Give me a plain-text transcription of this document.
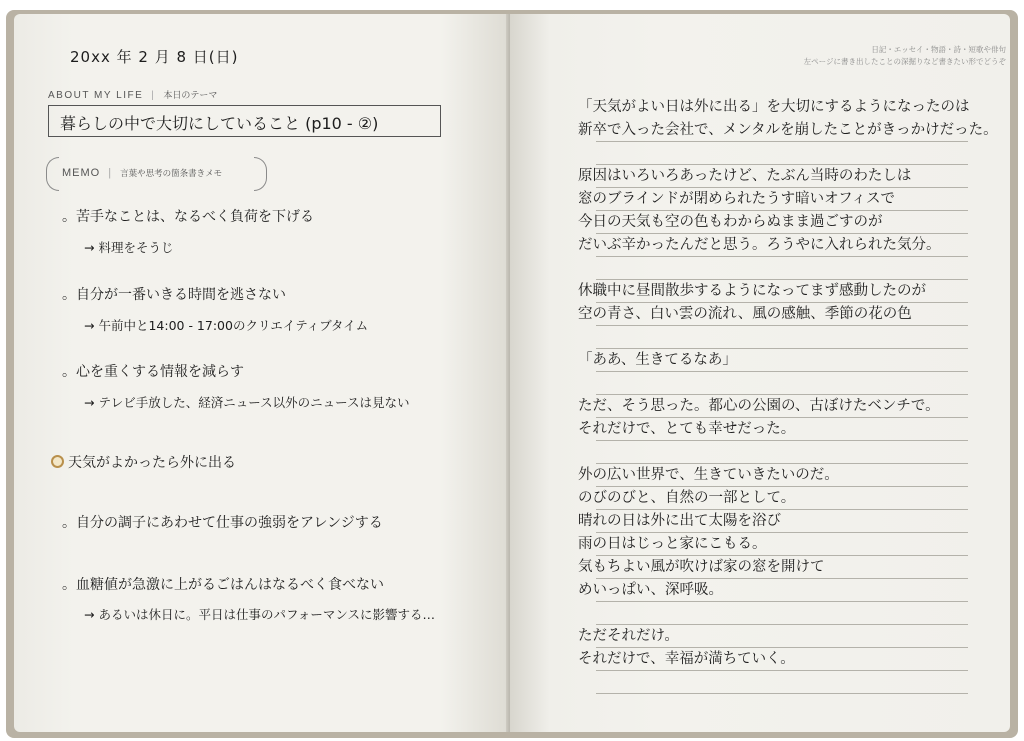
20xx 年 2 月 8 日(日)
ABOUT MY LIFE | 本日のテーマ
暮らしの中で大切にしていること (p10 - ②)
MEMO | 言葉や思考の箇条書きメモ
。苦手なことは、なるべく負荷を下げる
→ 料理をそうじ
。自分が一番いきる時間を逃さない
→ 午前中と14:00 - 17:00のクリエイティブタイム
。心を重くする情報を減らす
→ テレビ手放した、経済ニュース以外のニュースは見ない
天気がよかったら外に出る
。自分の調子にあわせて仕事の強弱をアレンジする
。血糖値が急激に上がるごはんはなるべく食べない
→ あるいは休日に。平日は仕事のパフォーマンスに影響する…
日記・エッセイ・物語・詩・短歌や俳句
左ページに書き出したことの深掘りなど書きたい形でどうぞ
「天気がよい日は外に出る」を大切にするようになったのは
新卒で入った会社で、メンタルを崩したことがきっかけだった。
原因はいろいろあったけど、たぶん当時のわたしは
窓のブラインドが閉められたうす暗いオフィスで
今日の天気も空の色もわからぬまま過ごすのが
だいぶ辛かったんだと思う。ろうやに入れられた気分。
休職中に昼間散歩するようになってまず感動したのが
空の青さ、白い雲の流れ、風の感触、季節の花の色
「ああ、生きてるなあ」
ただ、そう思った。都心の公園の、古ぼけたベンチで。
それだけで、とても幸せだった。
外の広い世界で、生きていきたいのだ。
のびのびと、自然の一部として。
晴れの日は外に出て太陽を浴び
雨の日はじっと家にこもる。
気もちよい風が吹けば家の窓を開けて
めいっぱい、深呼吸。
ただそれだけ。
それだけで、幸福が満ちていく。
